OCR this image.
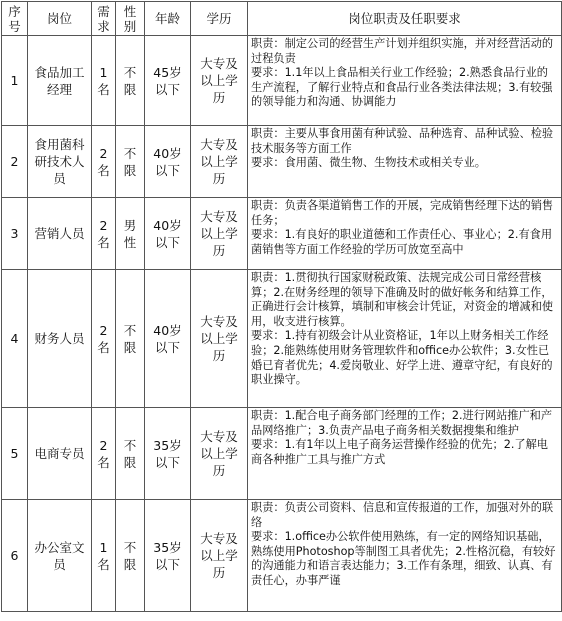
序号	岗位	需求	性别	年龄	学历	岗位职责及任职要求
1	食品加工经理	1名	不限	45岁以下	大专及以上学历	职责：制定公司的经营生产计划并组织实施，并对经营活动的过程负责
要求：1.1年以上食品相关行业工作经验；2.熟悉食品行业的生产流程，了解行业特点和食品行业各类法律法规；3.有较强的领导能力和沟通、协调能力

2	食用菌科研技术人员	2名	不限	40岁以下	大专及以上学历	职责：主要从事食用菌有种试验、品种选育、品种试验、检验技术服务等方面工作
要求：食用菌、微生物、生物技术或相关专业。

3	营销人员	2名	男性	40岁以下	大专及以上学历	职责：负责各渠道销售工作的开展，完成销售经理下达的销售任务；
要求：1.有良好的职业道德和工作责任心、事业心；2.有食用菌销售等方面工作经验的学历可放宽至高中

4	财务人员	2名	不限	40岁以下	大专及以上学历	职责：1.贯彻执行国家财税政策、法规完成公司日常经营核算；2.在财务经理的领导下准确及时的做好帐务和结算工作，正确进行会计核算，填制和审核会计凭证，对资金的增减和使用，收支进行核算。
要求：1.持有初级会计从业资格证，1年以上财务相关工作经验；2.能熟练使用财务管理软件和office办公软件；3.女性已婚已育者优先；4.爱岗敬业、好学上进、遵章守纪，有良好的职业操守。

5	电商专员	2名	不限	35岁以下	大专及以上学历	职责：1.配合电子商务部门经理的工作；2.进行网站推广和产品网络推广；3.负责产品电子商务相关数据搜集和维护
要求：1.有1年以上电子商务运营操作经验的优先；2.了解电商各种推广工具与推广方式

6	办公室文员	1名	不限	35岁以下	大专及以上学历	职责：负责公司资料、信息和宣传报道的工作，加强对外的联络
要求：1.office办公软件使用熟练，有一定的网络知识基础，熟练使用Photoshop等制图工具者优先；2.性格沉稳，有较好的沟通能力和语言表达能力；3.工作有条理，细致、认真、有责任心，办事严谨
